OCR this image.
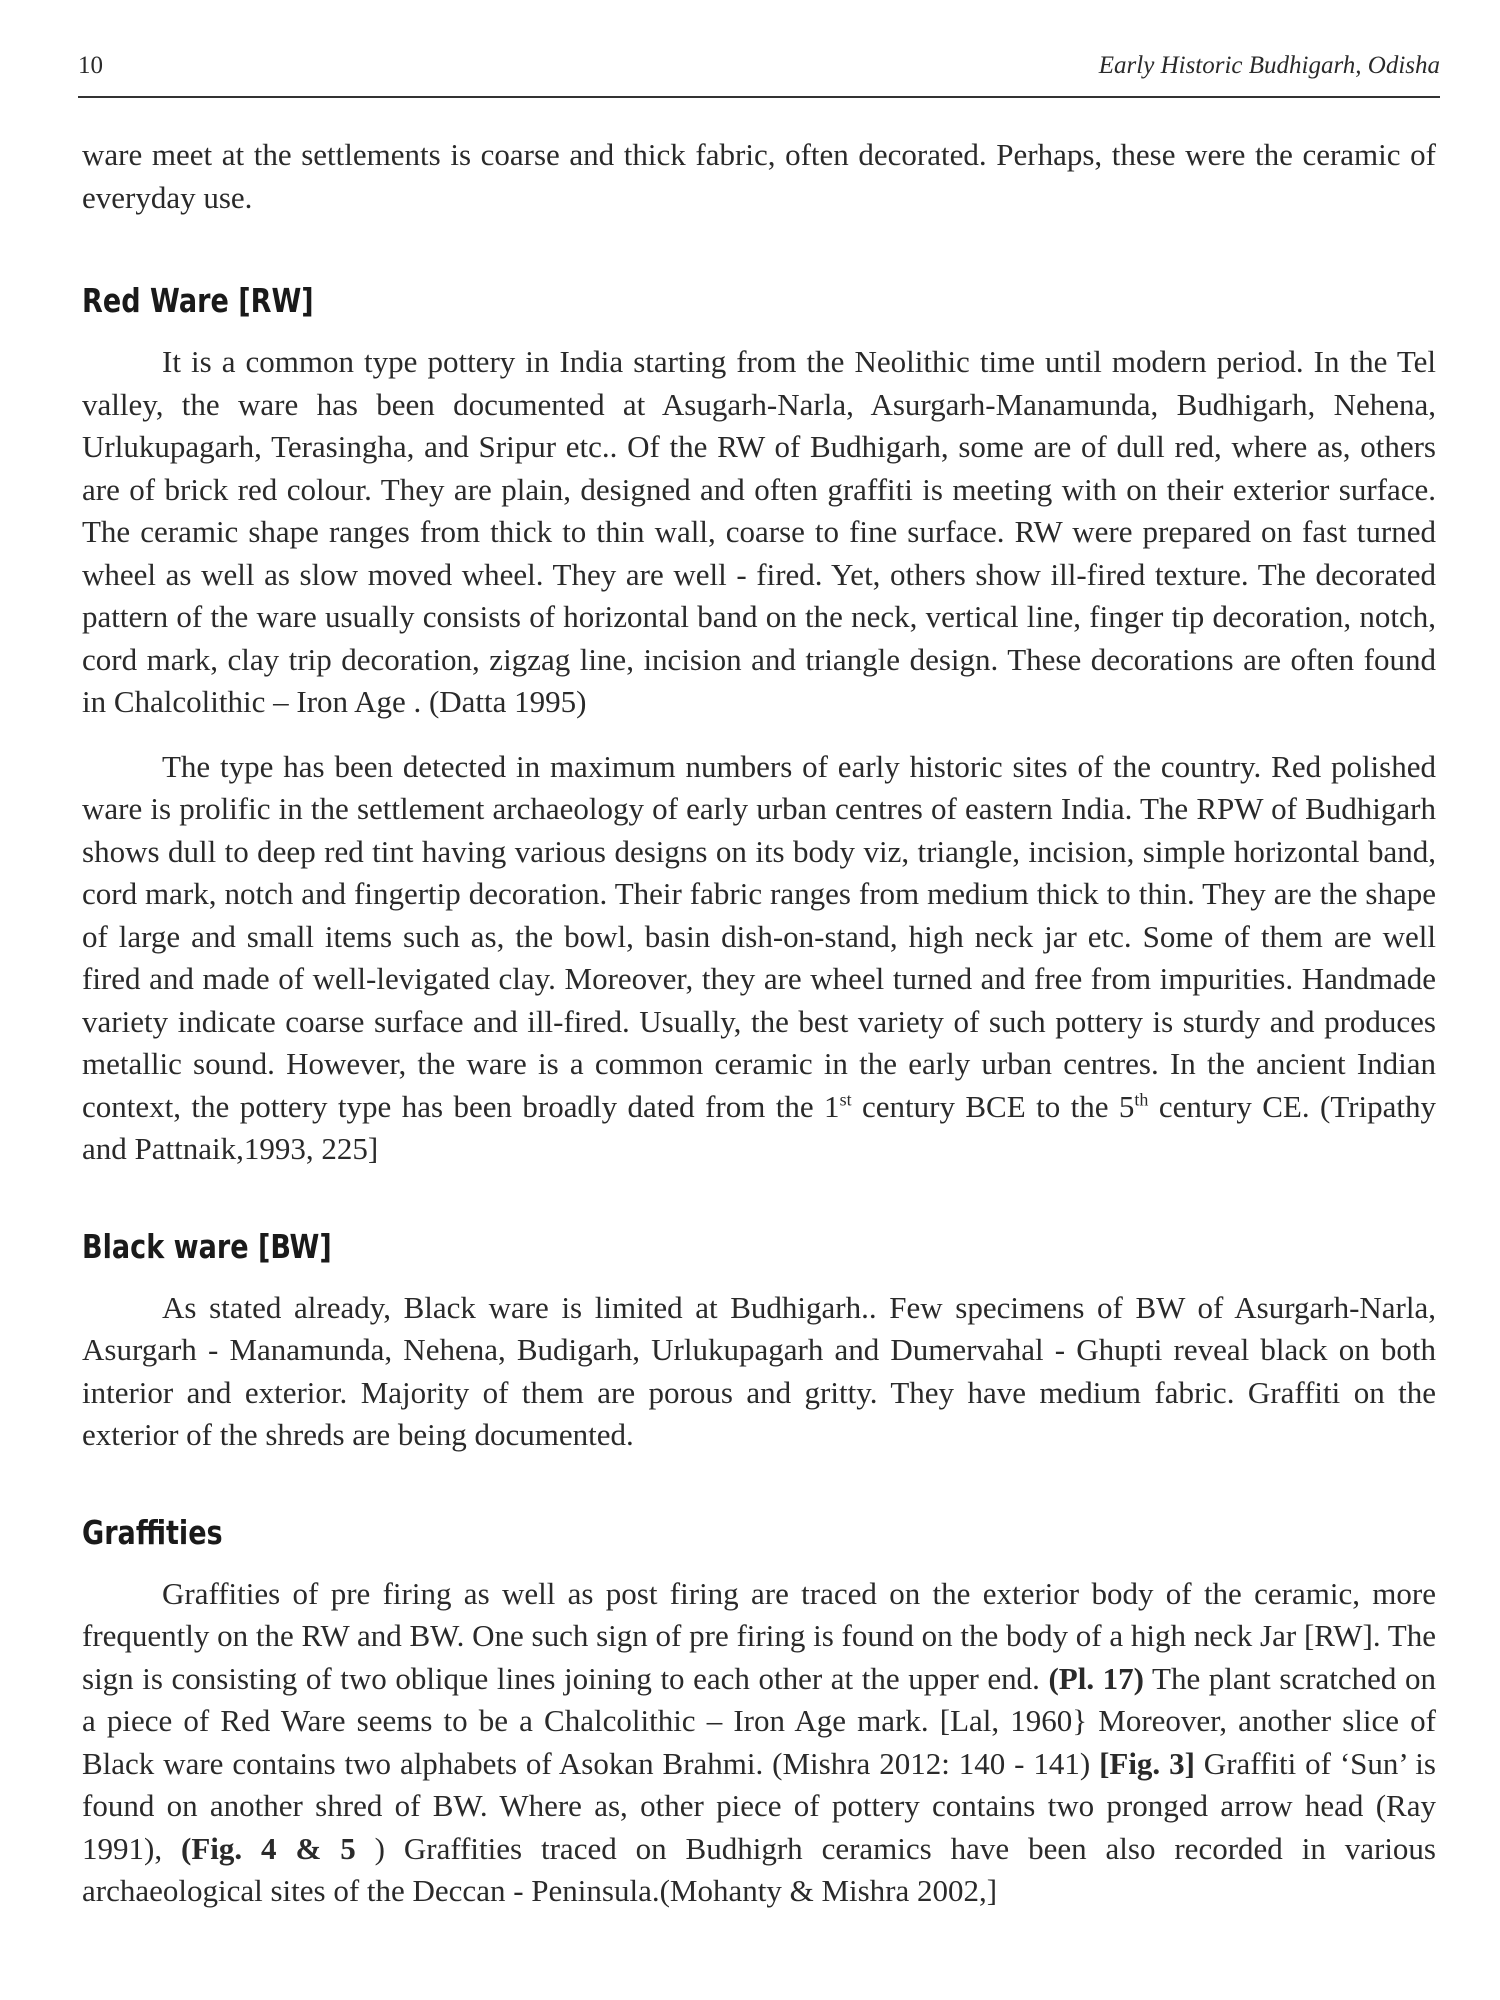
10	Early Historic Budhigarh, Odisha

ware meet at the settlements is coarse and thick fabric, often decorated. Perhaps, these were the ceramic of everyday use.

Red Ware [RW]

It is a common type pottery in India starting from the Neolithic time until modern period. In the Tel valley, the ware has been documented at Asugarh-Narla, Asurgarh-Manamunda, Budhigarh, Nehena, Urlukupagarh, Terasingha, and Sripur etc.. Of the RW of Budhigarh, some are of dull red, where as, others are of brick red colour. They are plain, designed and often graffiti is meeting with on their exterior surface. The ceramic shape ranges from thick to thin wall, coarse to fine surface. RW were prepared on fast turned wheel as well as slow moved wheel. They are well - fired. Yet, others show ill-fired texture. The decorated pattern of the ware usually consists of horizontal band on the neck, vertical line, finger tip decoration, notch, cord mark, clay trip decoration, zigzag line, incision and triangle design. These decorations are often found in Chalcolithic – Iron Age . (Datta 1995)

The type has been detected in maximum numbers of early historic sites of the country. Red polished ware is prolific in the settlement archaeology of early urban centres of eastern India. The RPW of Budhigarh shows dull to deep red tint having various designs on its body viz, triangle, incision, simple horizontal band, cord mark, notch and fingertip decoration. Their fabric ranges from medium thick to thin. They are the shape of large and small items such as, the bowl, basin dish-on-stand, high neck jar etc. Some of them are well fired and made of well-levigated clay. Moreover, they are wheel turned and free from impurities. Handmade variety indicate coarse surface and ill-fired. Usually, the best variety of such pottery is sturdy and produces metallic sound. However, the ware is a common ceramic in the early urban centres. In the ancient Indian context, the pottery type has been broadly dated from the 1st century BCE to the 5th century CE. (Tripathy and Pattnaik,1993, 225]

Black ware [BW]

As stated already, Black ware is limited at Budhigarh.. Few specimens of BW of Asurgarh-Narla, Asurgarh - Manamunda, Nehena, Budigarh, Urlukupagarh and Dumervahal - Ghupti reveal black on both interior and exterior. Majority of them are porous and gritty. They have medium fabric. Graffiti on the exterior of the shreds are being documented.

Graffities

Graffities of pre firing as well as post firing are traced on the exterior body of the ceramic, more frequently on the RW and BW. One such sign of pre firing is found on the body of a high neck Jar [RW]. The sign is consisting of two oblique lines joining to each other at the upper end. (Pl. 17) The plant scratched on a piece of Red Ware seems to be a Chalcolithic – Iron Age mark. [Lal, 1960} Moreover, another slice of Black ware contains two alphabets of Asokan Brahmi. (Mishra 2012: 140 - 141) [Fig. 3] Graffiti of ‘Sun’ is found on another shred of BW. Where as, other piece of pottery contains two pronged arrow head (Ray 1991), (Fig. 4 & 5 ) Graffities traced on Budhigrh ceramics have been also recorded in various archaeological sites of the Deccan - Peninsula.(Mohanty & Mishra 2002,]
